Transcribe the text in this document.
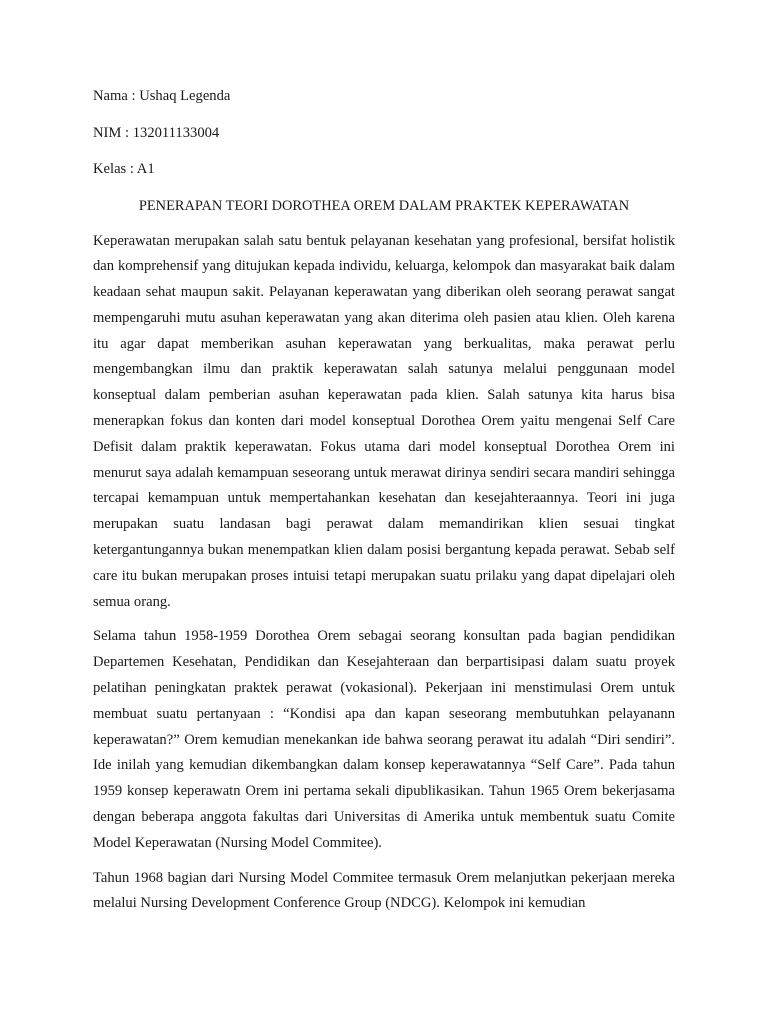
Nama : Ushaq Legenda
NIM : 132011133004
Kelas : A1
PENERAPAN TEORI DOROTHEA OREM DALAM PRAKTEK KEPERAWATAN

Keperawatan merupakan salah satu bentuk pelayanan kesehatan yang profesional, bersifat holistik dan komprehensif yang ditujukan kepada individu, keluarga, kelompok dan masyarakat baik dalam keadaan sehat maupun sakit. Pelayanan keperawatan yang diberikan oleh seorang perawat sangat mempengaruhi mutu asuhan keperawatan yang akan diterima oleh pasien atau klien. Oleh karena itu agar dapat memberikan asuhan keperawatan yang berkualitas, maka perawat perlu mengembangkan ilmu dan praktik keperawatan salah satunya melalui penggunaan model konseptual dalam pemberian asuhan keperawatan pada klien. Salah satunya kita harus bisa menerapkan fokus dan konten dari model konseptual Dorothea Orem yaitu mengenai Self Care Defisit dalam praktik keperawatan. Fokus utama dari model konseptual Dorothea Orem ini menurut saya adalah kemampuan seseorang untuk merawat dirinya sendiri secara mandiri sehingga tercapai kemampuan untuk mempertahankan kesehatan dan kesejahteraannya. Teori ini juga merupakan suatu landasan bagi perawat dalam memandirikan klien sesuai tingkat ketergantungannya bukan menempatkan klien dalam posisi bergantung kepada perawat. Sebab self care itu bukan merupakan proses intuisi tetapi merupakan suatu prilaku yang dapat dipelajari oleh semua orang.

Selama tahun 1958-1959 Dorothea Orem sebagai seorang konsultan pada bagian pendidikan Departemen Kesehatan, Pendidikan dan Kesejahteraan dan berpartisipasi dalam suatu proyek pelatihan peningkatan praktek perawat (vokasional). Pekerjaan ini menstimulasi Orem untuk membuat suatu pertanyaan : “Kondisi apa dan kapan seseorang membutuhkan pelayanann keperawatan?” Orem kemudian menekankan ide bahwa seorang perawat itu adalah “Diri sendiri”. Ide inilah yang kemudian dikembangkan dalam konsep keperawatannya “Self Care”. Pada tahun 1959 konsep keperawatn Orem ini pertama sekali dipublikasikan. Tahun 1965 Orem bekerjasama dengan beberapa anggota fakultas dari Universitas di Amerika untuk membentuk suatu Comite Model Keperawatan (Nursing Model Commitee).

Tahun 1968 bagian dari Nursing Model Commitee termasuk Orem melanjutkan pekerjaan mereka melalui Nursing Development Conference Group (NDCG). Kelompok ini kemudian
